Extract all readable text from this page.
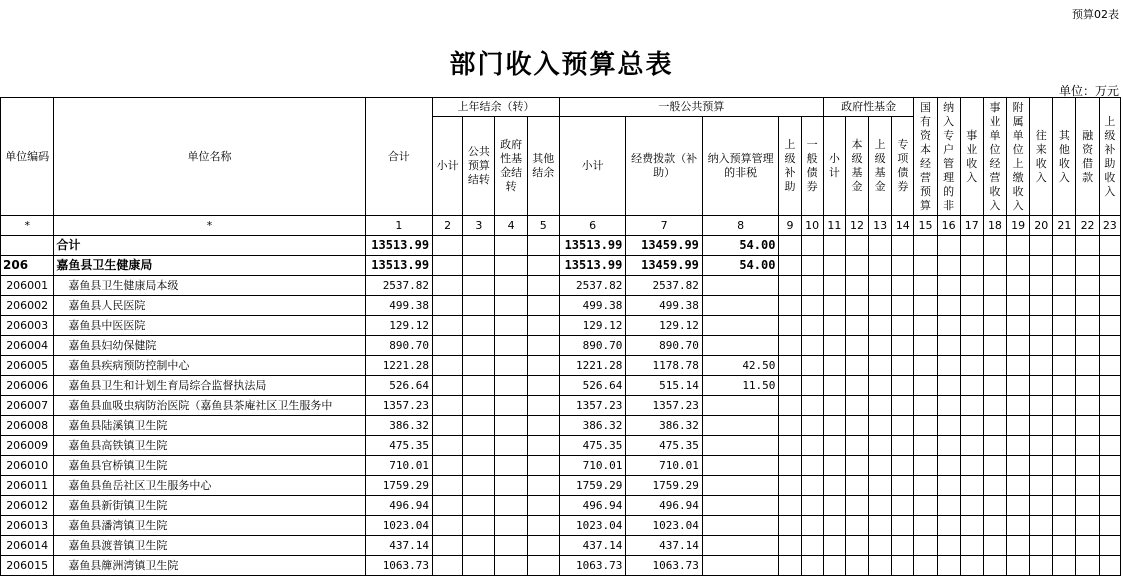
预算02表
部门收入预算总表
单位：万元
单位编码	单位名称	合计	上年结余（转）				一般公共预算					政府性基金				国有资本经营预算	纳入专户管理的非	事业收入	事业单位经营收入	附属单位上缴收入	往来收入	其他收入	融资借款	上级补助收入
			小计	公共预算结转	政府性基金结转	其他结余	小计	经费拨款（补助）	纳入预算管理的非税	上级补助	一般债券	小计	本级基金	上级基金	专项债券									
*	*	1	2	3	4	5	6	7	8	9	10	11	12	13	14	15	16	17	18	19	20	21	22	23
	合计	13513.99					13513.99	13459.99	54.00															
206	嘉鱼县卫生健康局	13513.99					13513.99	13459.99	54.00															
206001	嘉鱼县卫生健康局本级	2537.82					2537.82	2537.82																
206002	嘉鱼县人民医院	499.38					499.38	499.38																
206003	嘉鱼县中医医院	129.12					129.12	129.12																
206004	嘉鱼县妇幼保健院	890.70					890.70	890.70																
206005	嘉鱼县疾病预防控制中心	1221.28					1221.28	1178.78	42.50															
206006	嘉鱼县卫生和计划生育局综合监督执法局	526.64					526.64	515.14	11.50															
206007	嘉鱼县血吸虫病防治医院（嘉鱼县茶庵社区卫生服务中	1357.23					1357.23	1357.23																
206008	嘉鱼县陆溪镇卫生院	386.32					386.32	386.32																
206009	嘉鱼县高铁镇卫生院	475.35					475.35	475.35																
206010	嘉鱼县官桥镇卫生院	710.01					710.01	710.01																
206011	嘉鱼县鱼岳社区卫生服务中心	1759.29					1759.29	1759.29																
206012	嘉鱼县新街镇卫生院	496.94					496.94	496.94																
206013	嘉鱼县潘湾镇卫生院	1023.04					1023.04	1023.04																
206014	嘉鱼县渡普镇卫生院	437.14					437.14	437.14																
206015	嘉鱼县簰洲湾镇卫生院	1063.73					1063.73	1063.73																
